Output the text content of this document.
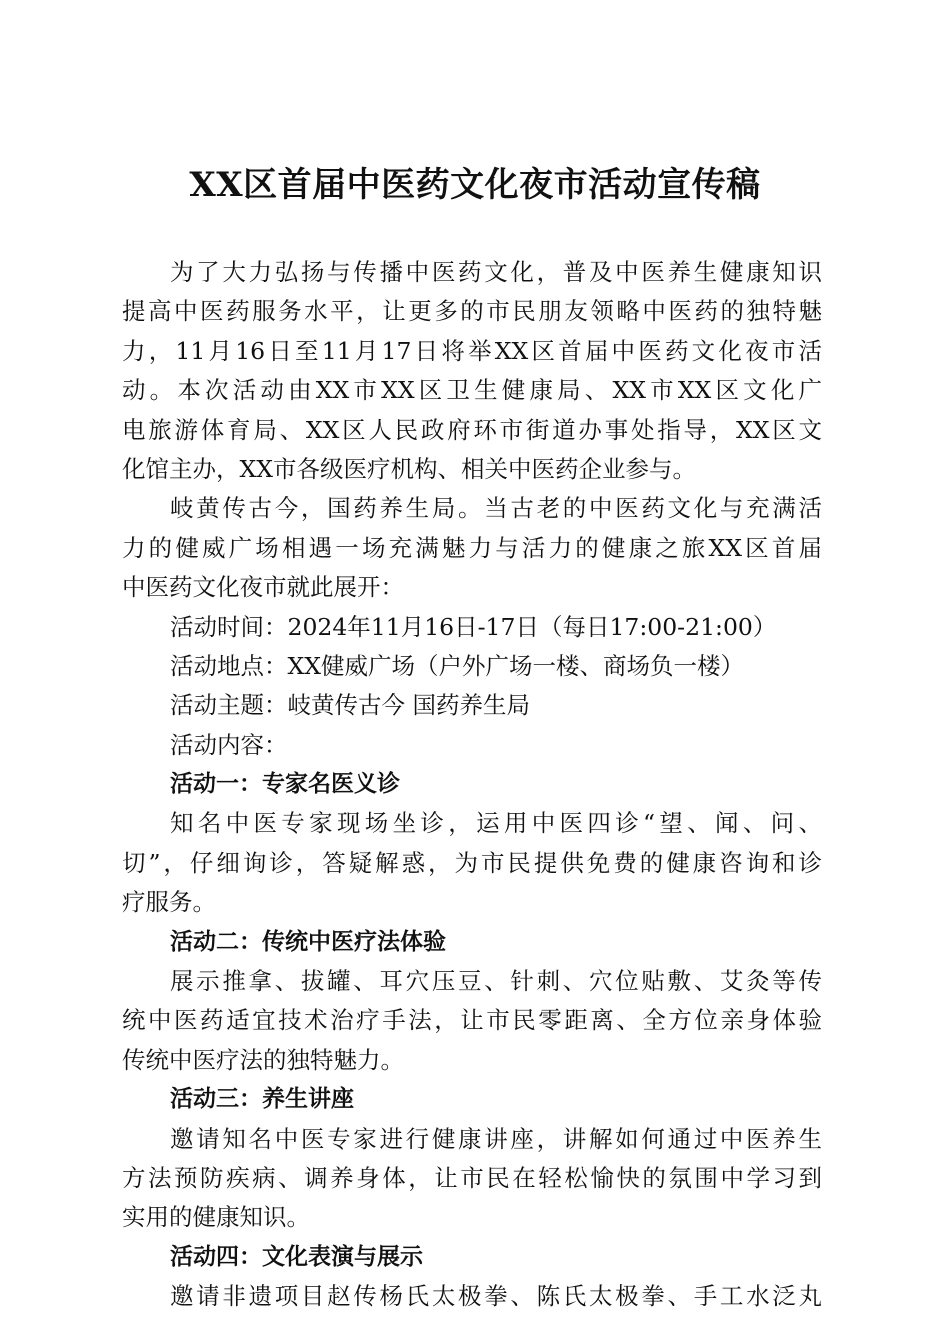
XX区首届中医药文化夜市活动宣传稿
为了大力弘扬与传播中医药文化，普及中医养生健康知识
提高中医药服务水平，让更多的市民朋友领略中医药的独特魅
力，11月16日至11月17日将举XX区首届中医药文化夜市活
动。本次活动由XX市XX区卫生健康局、XX市XX区文化广
电旅游体育局、XX区人民政府环市街道办事处指导，XX区文
化馆主办，XX市各级医疗机构、相关中医药企业参与。
岐黄传古今，国药养生局。当古老的中医药文化与充满活
力的健威广场相遇一场充满魅力与活力的健康之旅XX区首届
中医药文化夜市就此展开：
活动时间：2024年11月16日-17日（每日17:00-21:00）
活动地点：XX健威广场（户外广场一楼、商场负一楼）
活动主题：岐黄传古今 国药养生局
活动内容：
活动一：专家名医义诊
知名中医专家现场坐诊，运用中医四诊“望、闻、问、
切”，仔细询诊，答疑解惑，为市民提供免费的健康咨询和诊
疗服务。
活动二：传统中医疗法体验
展示推拿、拔罐、耳穴压豆、针刺、穴位贴敷、艾灸等传
统中医药适宜技术治疗手法，让市民零距离、全方位亲身体验
传统中医疗法的独特魅力。
活动三：养生讲座
邀请知名中医专家进行健康讲座，讲解如何通过中医养生
方法预防疾病、调养身体，让市民在轻松愉快的氛围中学习到
实用的健康知识。
活动四：文化表演与展示
邀请非遗项目赵传杨氏太极拳、陈氏太极拳、手工水泛丸
